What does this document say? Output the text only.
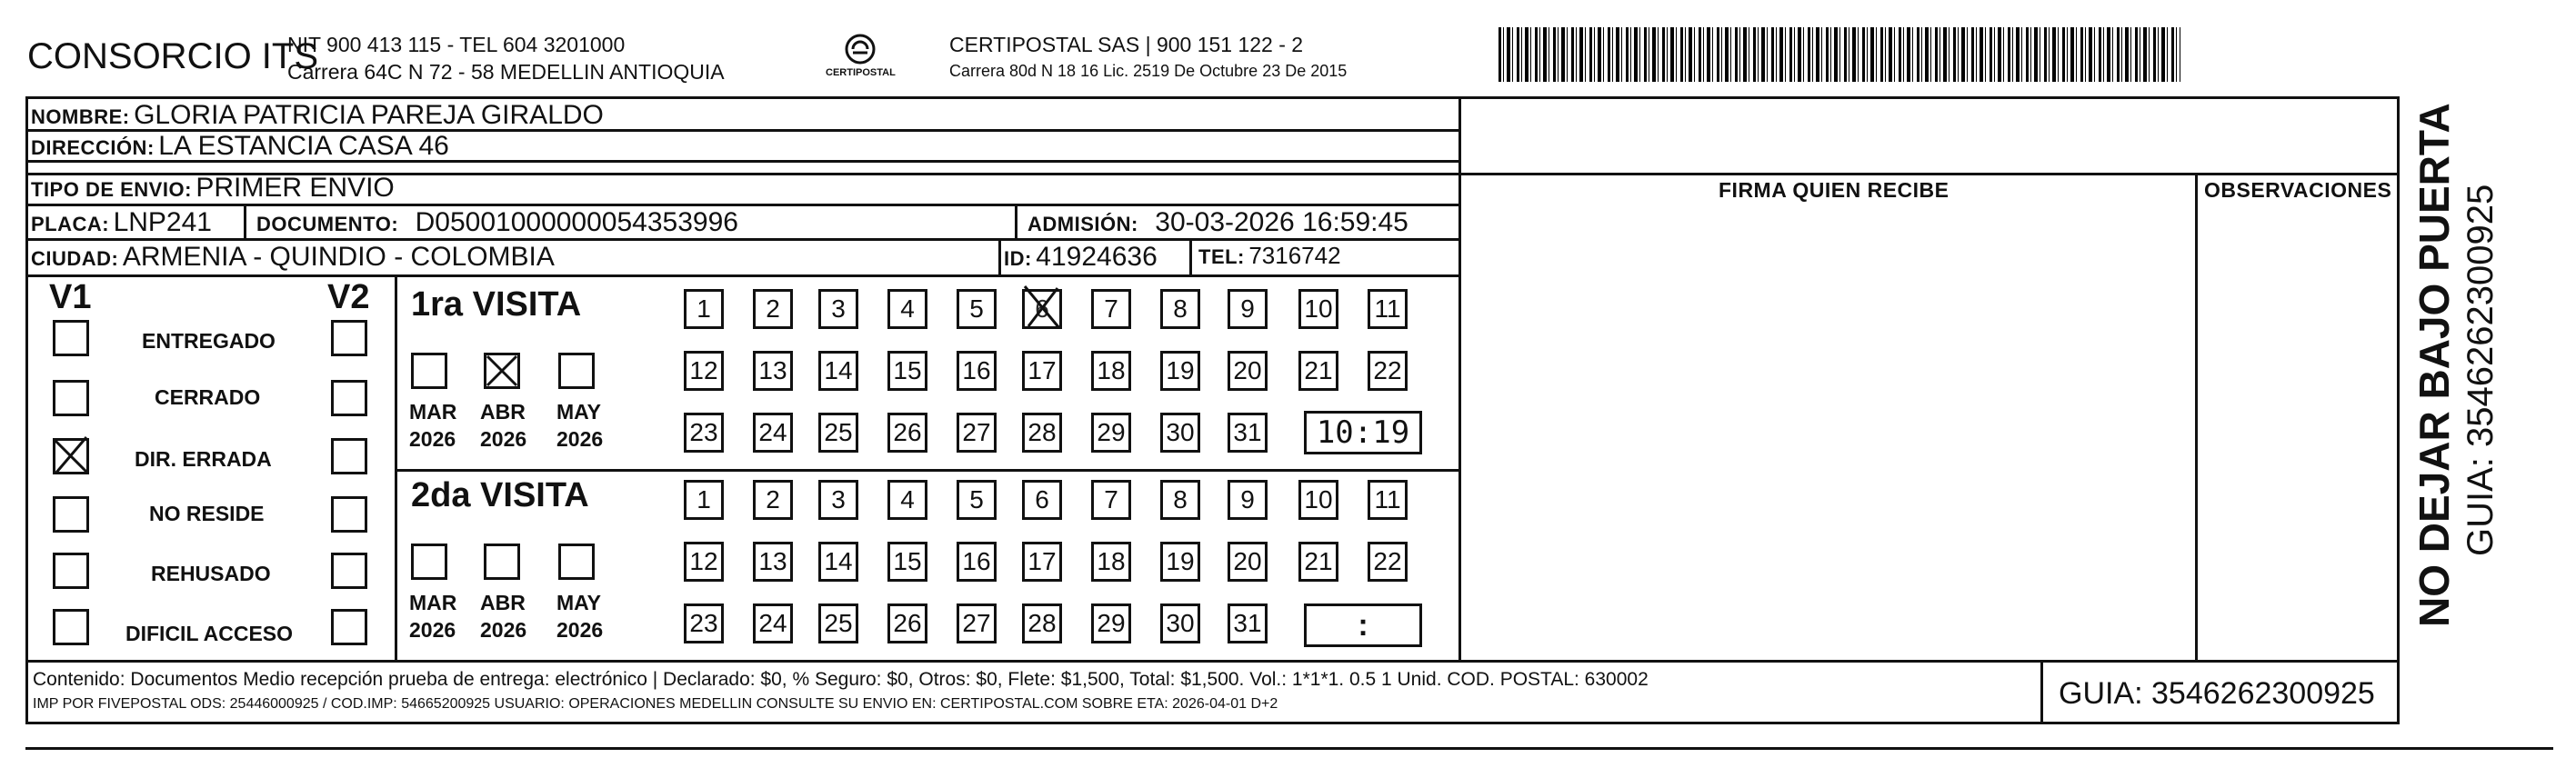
CONSORCIO ITS
NIT 900 413 115 - TEL 604 3201000
Carrera 64C N 72 - 58 MEDELLIN ANTIOQUIA	CERTIPOSTAL
CERTIPOSTAL SAS | 900 151 122 - 2
Carrera 80d N 18 16 Lic. 2519 De Octubre 23 De 2015
NOMBRE: GLORIA PATRICIA PAREJA GIRALDO
DIRECCIÓN: LA ESTANCIA CASA 46
TIPO DE ENVIO: PRIMER ENVIO
PLACA: LNP241 DOCUMENTO: D05001000000054353996	ADMISIÓN: 30-03-2026 16:59:45
CIUDAD: ARMENIA - QUINDIO - COLOMBIA	ID: 41924636 TEL: 7316742
FIRMA QUIEN RECIBE	OBSERVACIONES
V1	V2
ENTREGADO
CERRADO
DIR. ERRADA
NO RESIDE
REHUSADO
DIFICIL ACCESO
1ra VISITA
MAR ABR MAY
2026 2026 2026
1 2 3 4 5 6 7 8 9 10 11
12 13 14 15 16 17 18 19 20 21 22
23 24 25 26 27 28 29 30 31	10:19
2da VISITA
MAR ABR MAY
2026 2026 2026
1 2 3 4 5 6 7 8 9 10 11
12 13 14 15 16 17 18 19 20 21 22
23 24 25 26 27 28 29 30 31	:
Contenido: Documentos Medio recepción prueba de entrega: electrónico | Declarado: $0, % Seguro: $0, Otros: $0, Flete: $1,500, Total: $1,500. Vol.: 1*1*1. 0.5 1 Unid. COD. POSTAL: 630002
IMP POR FIVEPOSTAL ODS: 25446000925 / COD.IMP: 54665200925 USUARIO: OPERACIONES MEDELLIN CONSULTE SU ENVIO EN: CERTIPOSTAL.COM SOBRE ETA: 2026-04-01 D+2	GUIA: 3546262300925
NO DEJAR BAJO PUERTA GUIA: 3546262300925
